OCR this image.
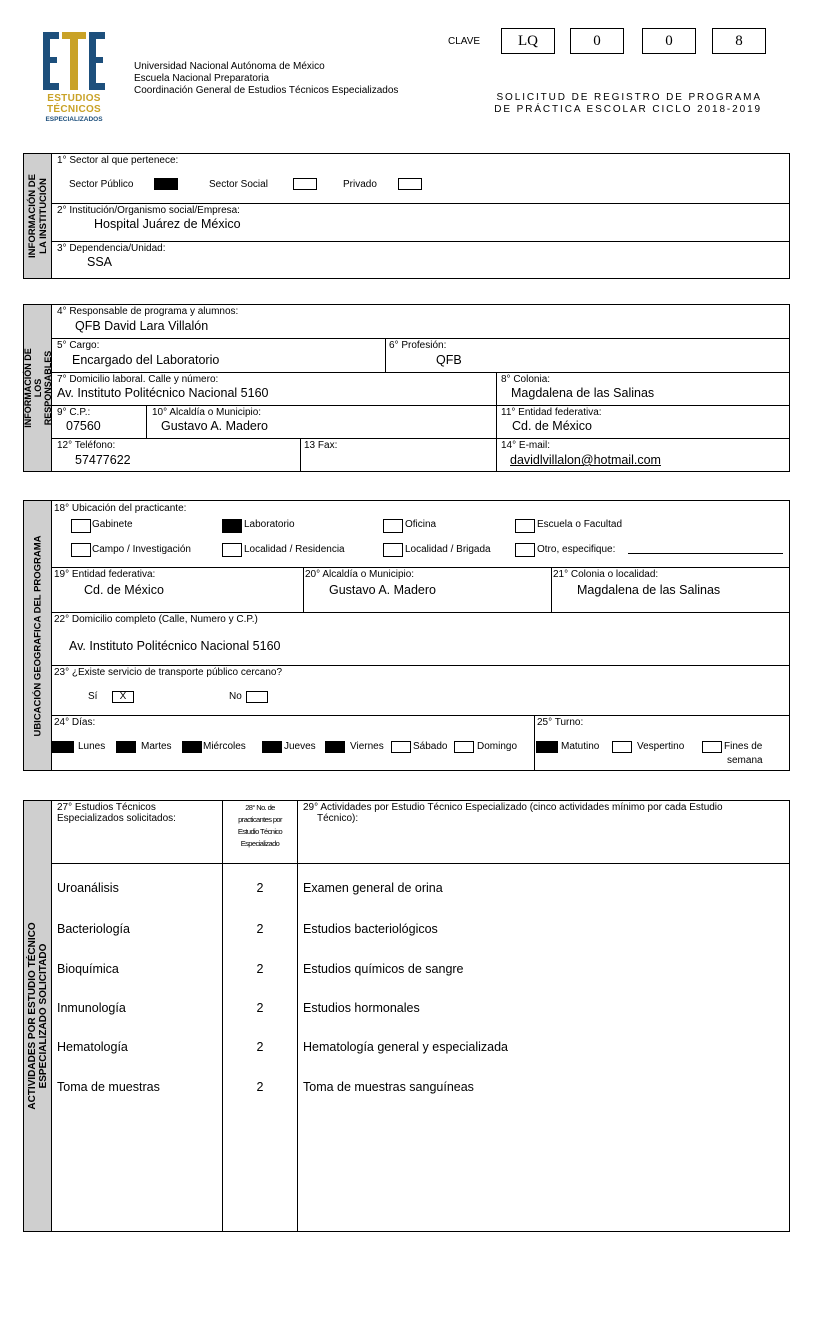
ESTUDIOS
TÉCNICOS
ESPECIALIZADOS
Universidad Nacional Autónoma de México
Escuela Nacional Preparatoria
Coordinación General de Estudios Técnicos Especializados
CLAVE	LQ	0	0	8
SOLICITUD DE REGISTRO DE PROGRAMA
DE PRÁCTICA ESCOLAR CICLO 2018-2019
INFORMACIÓN DE LA INSTITUCIÓN
1° Sector al que pertenece:
Sector Público	Sector Social	Privado
2° Institución/Organismo social/Empresa:
Hospital Juárez de México
3° Dependencia/Unidad:
SSA
INFORMACIÓN DE LOS RESPONSABLES
4° Responsable de programa y alumnos:
QFB David Lara Villalón
5° Cargo:
Encargado del Laboratorio
6° Profesión:
QFB
7° Domicilio laboral. Calle y número:
Av. Instituto Politécnico Nacional 5160
8° Colonia:
Magdalena de las Salinas
9° C.P.:
07560
10° Alcaldía o Municipio:
Gustavo A. Madero
11° Entidad federativa:
Cd. de México
12° Teléfono:
57477622
13 Fax:	14° E-mail:
davidlvillalon@hotmail.com
UBICACIÓN GEOGRAFICA DEL PROGRAMA
18° Ubicación del practicante:
Gabinete	Laboratorio	Oficina	Escuela o Facultad
Campo / Investigación	Localidad / Residencia	Localidad / Brigada	Otro, especifique:
19° Entidad federativa:
Cd. de México
20° Alcaldía o Municipio:
Gustavo A. Madero
21° Colonia o localidad:
Magdalena de las Salinas
22° Domicilio completo (Calle, Numero y C.P.)
Av. Instituto Politécnico Nacional 5160
23° ¿Existe servicio de transporte público cercano?
Sí	X	No
24° Días:
Lunes	Martes	Miércoles	Jueves	Viernes	Sábado	Domingo
25° Turno:
Matutino	Vespertino	Fines de
semana
ACTIVIDADES POR ESTUDIO TÉCNICO ESPECIALIZADO SOLICITADO
27° Estudios Técnicos
Especializados solicitados:
28° No. de
practicantes por
Estudio Técnico
Especializado
29° Actividades por Estudio Técnico Especializado (cinco actividades mínimo por cada Estudio
Técnico):
Uroanálisis	2	Examen general de orina
Bacteriología	2	Estudios bacteriológicos
Bioquímica	2	Estudios químicos de sangre
Inmunología	2	Estudios hormonales
Hematología	2	Hematología general y especializada
Toma de muestras	2	Toma de muestras sanguíneas
